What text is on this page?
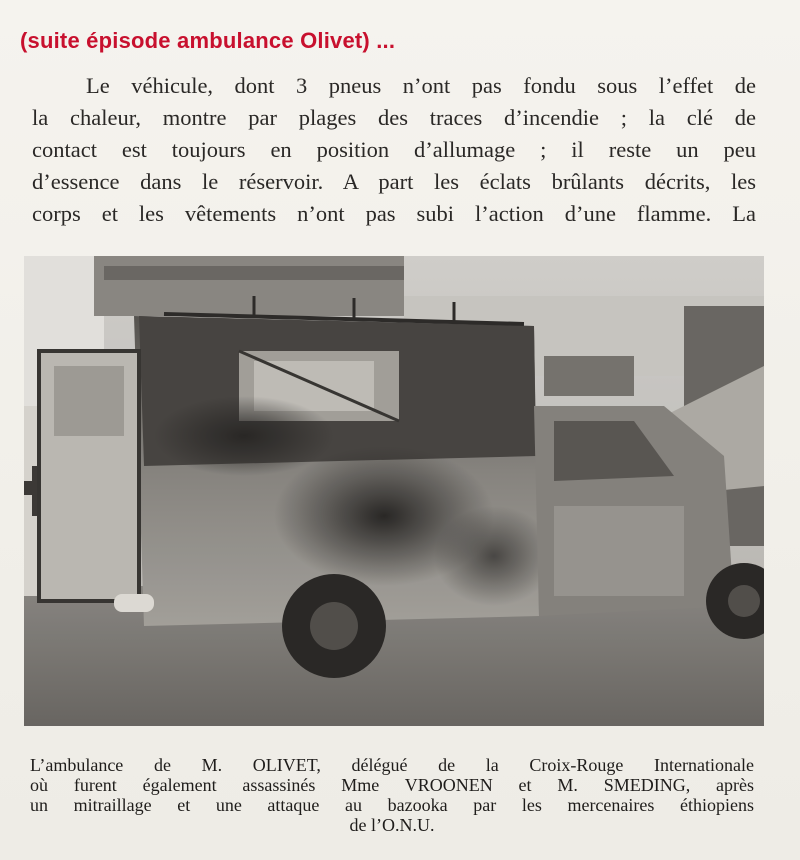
(suite épisode ambulance Olivet) ...
Le véhicule, dont 3 pneus n’ont pas fondu sous l’effet de
la chaleur, montre par plages des traces d’incendie ; la clé de
contact est toujours en position d’allumage ; il reste un peu
d’essence dans le réservoir. A part les éclats brûlants décrits, les
corps et les vêtements n’ont pas subi l’action d’une flamme. La
L’ambulance de M. OLIVET, délégué de la Croix-Rouge Internationale
où furent également assassinés Mme VROONEN et M. SMEDING, après
un mitraillage et une attaque au bazooka par les mercenaires éthiopiens
de l’O.N.U.
